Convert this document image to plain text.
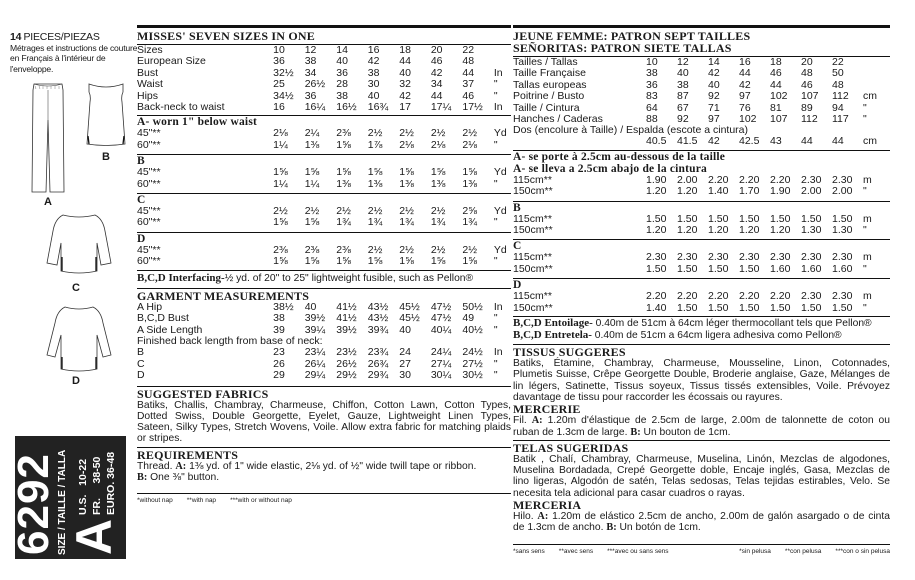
14 PIECES/PIEZAS
Métrages et instructions de couture en Français à l'intérieur de l'enveloppe.
A
B
C
D
6292 SIZE / TAILLE / TALLA
A
U.S.   10-22
FR.     38-50
EURO. 36-48
MISSES' SEVEN SIZES IN ONE
Sizes	10	12	14	16	18	20	22	
European Size	36	38	40	42	44	46	48	
Bust	32½	34	36	38	40	42	44	In
Waist	25	26½	28	30	32	34	37	"
Hips	34½	36	38	40	42	44	46	"
Back-neck to waist	16	16¼	16½	16¾	17	17¼	17½	In
A- worn 1" below waist
45"**	2⅛	2¼	2⅜	2½	2½	2½	2½	Yd
60"**	1¼	1⅜	1⅝	1⅞	2⅛	2⅛	2⅛	"
B
45"**	1⅝	1⅝	1⅝	1⅝	1⅝	1⅝	1⅝	Yd
60"**	1¼	1¼	1⅜	1⅜	1⅜	1⅜	1⅜	"
C
45"**	2½	2½	2½	2½	2½	2½	2⅝	Yd
60"**	1⅝	1⅝	1¾	1¾	1¾	1¾	1¾	"
D
45"**	2⅜	2⅜	2⅜	2½	2½	2½	2½	Yd
60"**	1⅝	1⅝	1⅝	1⅝	1⅝	1⅝	1⅝	"
B,C,D Interfacing-½ yd. of 20" to 25" lightweight fusible, such as Pellon®
GARMENT MEASUREMENTS
A Hip	38½	40	41½	43½	45½	47½	50½	In
B,C,D Bust	38	39½	41½	43½	45½	47½	49	"
A Side Length	39	39¼	39½	39¾	40	40¼	40½	"
Finished back length from base of neck:
B	23	23¼	23½	23¾	24	24¼	24½	In
C	26	26¼	26½	26¾	27	27¼	27½	"
D	29	29¼	29½	29¾	30	30¼	30½	"
SUGGESTED FABRICS
Batiks, Challis, Chambray, Charmeuse, Chiffon, Cotton Lawn, Cotton Types, Dotted Swiss, Double Georgette, Eyelet, Gauze, Lightweight Linen Types, Sateen, Silky Types, Stretch Wovens, Voile. Allow extra fabric for matching plaids or stripes.
REQUIREMENTS
Thread. A: 1⅜ yd. of 1" wide elastic, 2⅛ yd. of ½" wide twill tape or ribbon.
B: One ⅜" button.
*without nap **with nap ***with or without nap
JEUNE FEMME: PATRON SEPT TAILLES
SEÑORITAS: PATRON SIETE TALLAS
Tailles / Tallas	10	12	14	16	18	20	22	
Taille Française	38	40	42	44	46	48	50	
Tallas europeas	36	38	40	42	44	46	48	
Poitrine / Busto	83	87	92	97	102	107	112	cm
Taille / Cintura	64	67	71	76	81	89	94	"
Hanches / Caderas	88	92	97	102	107	112	117	"
Dos (encolure à Taille) / Espalda (escote a cintura)
	40.5	41.5	42	42.5	43	44	44	cm
A- se porte à 2.5cm au-dessous de la taille
A- se lleva a 2.5cm abajo de la cintura
115cm**	1.90	2.00	2.20	2.20	2.20	2.30	2.30	m
150cm**	1.20	1.20	1.40	1.70	1.90	2.00	2.00	"
B
115cm**	1.50	1.50	1.50	1.50	1.50	1.50	1.50	m
150cm**	1.20	1.20	1.20	1.20	1.20	1.30	1.30	"
C
115cm**	2.30	2.30	2.30	2.30	2.30	2.30	2.30	m
150cm**	1.50	1.50	1.50	1.50	1.60	1.60	1.60	"
D
115cm**	2.20	2.20	2.20	2.20	2.20	2.30	2.30	m
150cm**	1.40	1.50	1.50	1.50	1.50	1.50	1.50	"
B,C,D Entoilage- 0.40m de 51cm à 64cm léger thermocollant tels que Pellon®
B,C,D Entretela- 0.40m de 51cm a 64cm ligera adhesiva como Pellon®
TISSUS SUGGERES
Batiks, Étamine, Chambray, Charmeuse, Mousseline, Linon, Cotonnades, Plumetis Suisse, Crêpe Georgette Double, Broderie anglaise, Gaze, Mélanges de lin légers, Satinette, Tissus soyeux, Tissus tissés extensibles, Voile. Prévoyez davantage de tissu pour raccorder les écossais ou rayures.
MERCERIE
Fil. A: 1.20m d'élastique de 2.5cm de large, 2.00m de talonnette de coton ou ruban de 1.3cm de large. B: Un bouton de 1cm.
TELAS SUGERIDAS
Batik , Chalí, Chambray, Charmeuse, Muselina, Linón, Mezclas de algodones, Muselina Bordadada, Crepé Georgette doble, Encaje inglés, Gasa, Mezclas de lino ligeras, Algodón de satén, Telas sedosas, Telas tejidas estirables, Velo. Se necesita tela adicional para casar cuadros o rayas.
MERCERIA
Hilo. A: 1.20m de elástico 2.5cm de ancho, 2.00m de galón asargado o de cinta de 1.3cm de ancho. B: Un botón de 1cm.
*sans sens **avec sens ***avec ou sans sens	*sin pelusa **con pelusa ***con o sin pelusa
